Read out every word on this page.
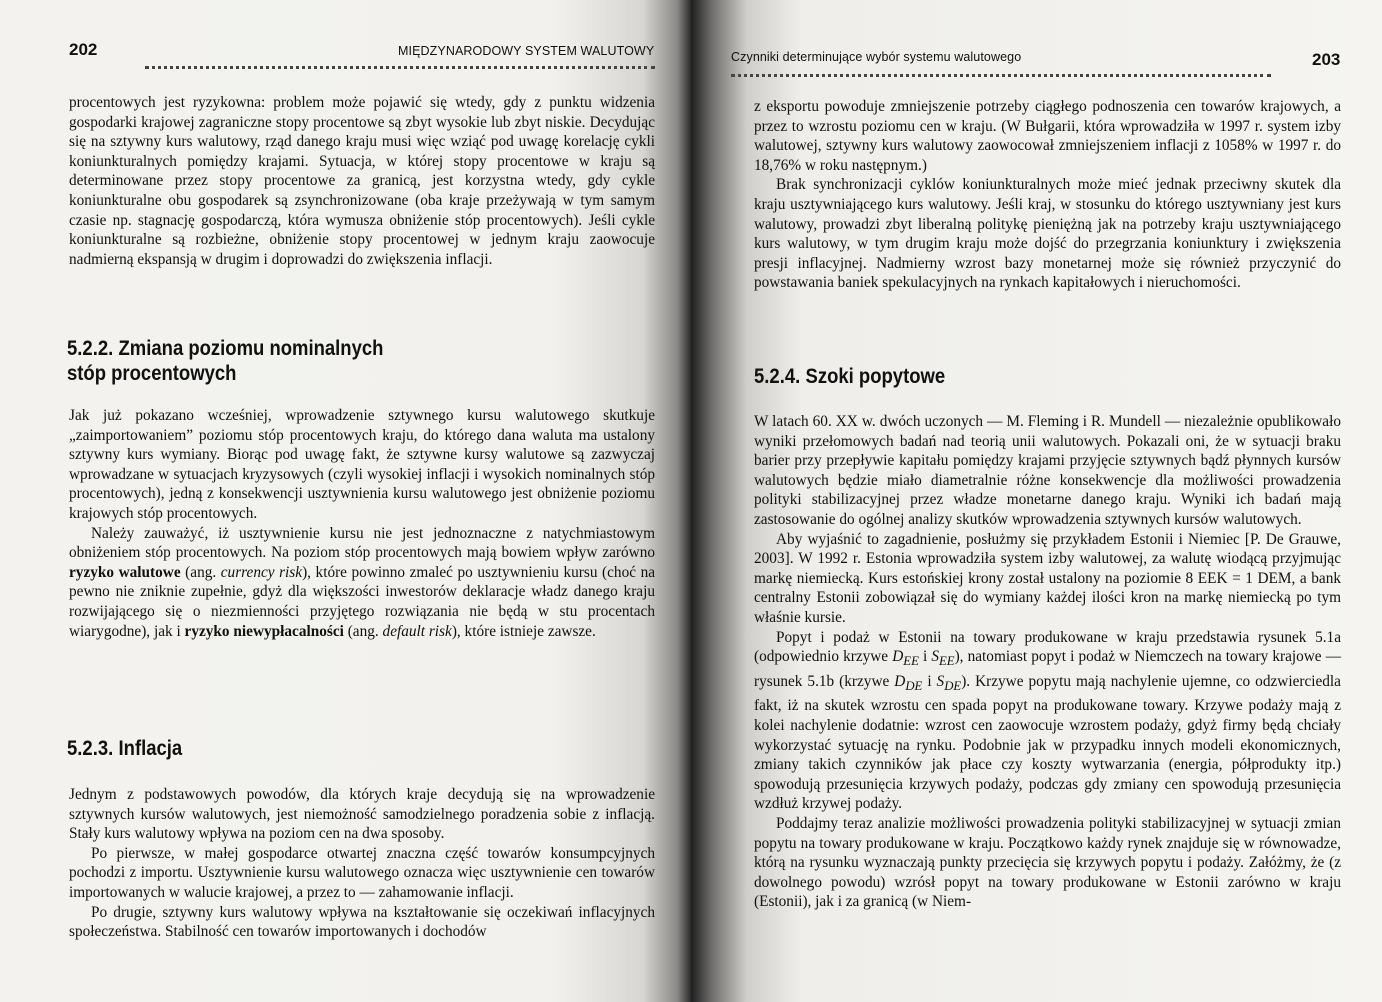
202	MIĘDZYNARODOWY SYSTEM WALUTOWY

procentowych jest ryzykowna: problem może pojawić się wtedy, gdy z punktu widzenia gospodarki krajowej zagraniczne stopy procentowe są zbyt wysokie lub zbyt niskie. Decydując się na sztywny kurs walutowy, rząd danego kraju musi więc wziąć pod uwagę korelację cykli koniunkturalnych pomiędzy krajami. Sytuacja, w której stopy procentowe w kraju są determinowane przez stopy procentowe za granicą, jest korzystna wtedy, gdy cykle koniunkturalne obu gospodarek są zsynchronizowane (oba kraje przeżywają w tym samym czasie np. stagnację gospodarczą, która wymusza obniżenie stóp procentowych). Jeśli cykle koniunkturalne są rozbieżne, obniżenie stopy procentowej w jednym kraju zaowocuje nadmierną ekspansją w drugim i doprowadzi do zwiększenia inflacji.

5.2.2. Zmiana poziomu nominalnych
stóp procentowych

Jak już pokazano wcześniej, wprowadzenie sztywnego kursu walutowego skutkuje „zaimportowaniem” poziomu stóp procentowych kraju, do którego dana waluta ma ustalony sztywny kurs wymiany. Biorąc pod uwagę fakt, że sztywne kursy walutowe są zazwyczaj wprowadzane w sytuacjach kryzysowych (czyli wysokiej inflacji i wysokich nominalnych stóp procentowych), jedną z konsekwencji usztywnienia kursu walutowego jest obniżenie poziomu krajowych stóp procentowych.

Należy zauważyć, iż usztywnienie kursu nie jest jednoznaczne z natychmiastowym obniżeniem stóp procentowych. Na poziom stóp procentowych mają bowiem wpływ zarówno ryzyko walutowe (ang. currency risk), które powinno zmaleć po usztywnieniu kursu (choć na pewno nie zniknie zupełnie, gdyż dla większości inwestorów deklaracje władz danego kraju rozwijającego się o niezmienności przyjętego rozwiązania nie będą w stu procentach wiarygodne), jak i ryzyko niewypłacalności (ang. default risk), które istnieje zawsze.

5.2.3. Inflacja

Jednym z podstawowych powodów, dla których kraje decydują się na wprowadzenie sztywnych kursów walutowych, jest niemożność samodzielnego poradzenia sobie z inflacją. Stały kurs walutowy wpływa na poziom cen na dwa sposoby.

Po pierwsze, w małej gospodarce otwartej znaczna część towarów konsumpcyjnych pochodzi z importu. Usztywnienie kursu walutowego oznacza więc usztywnienie cen towarów importowanych w walucie krajowej, a przez to — zahamowanie inflacji.

Po drugie, sztywny kurs walutowy wpływa na kształtowanie się oczekiwań inflacyjnych społeczeństwa. Stabilność cen towarów importowanych i dochodów

Czynniki determinujące wybór systemu walutowego	203

z eksportu powoduje zmniejszenie potrzeby ciągłego podnoszenia cen towarów krajowych, a przez to wzrostu poziomu cen w kraju. (W Bułgarii, która wprowadziła w 1997 r. system izby walutowej, sztywny kurs walutowy zaowocował zmniejszeniem inflacji z 1058% w 1997 r. do 18,76% w roku następnym.)

Brak synchronizacji cyklów koniunkturalnych może mieć jednak przeciwny skutek dla kraju usztywniającego kurs walutowy. Jeśli kraj, w stosunku do którego usztywniany jest kurs walutowy, prowadzi zbyt liberalną politykę pieniężną jak na potrzeby kraju usztywniającego kurs walutowy, w tym drugim kraju może dojść do przegrzania koniunktury i zwiększenia presji inflacyjnej. Nadmierny wzrost bazy monetarnej może się również przyczynić do powstawania baniek spekulacyjnych na rynkach kapitałowych i nieruchomości.

5.2.4. Szoki popytowe

W latach 60. XX w. dwóch uczonych — M. Fleming i R. Mundell — niezależnie opublikowało wyniki przełomowych badań nad teorią unii walutowych. Pokazali oni, że w sytuacji braku barier przy przepływie kapitału pomiędzy krajami przyjęcie sztywnych bądź płynnych kursów walutowych będzie miało diametralnie różne konsekwencje dla możliwości prowadzenia polityki stabilizacyjnej przez władze monetarne danego kraju. Wyniki ich badań mają zastosowanie do ogólnej analizy skutków wprowadzenia sztywnych kursów walutowych.

Aby wyjaśnić to zagadnienie, posłużmy się przykładem Estonii i Niemiec [P. De Grauwe, 2003]. W 1992 r. Estonia wprowadziła system izby walutowej, za walutę wiodącą przyjmując markę niemiecką. Kurs estońskiej krony został ustalony na poziomie 8 EEK = 1 DEM, a bank centralny Estonii zobowiązał się do wymiany każdej ilości kron na markę niemiecką po tym właśnie kursie.

Popyt i podaż w Estonii na towary produkowane w kraju przedstawia rysunek 5.1a (odpowiednio krzywe $D_{EE}$ i $S_{EE}$), natomiast popyt i podaż w Niemczech na towary krajowe — rysunek 5.1b (krzywe $D_{DE}$ i $S_{DE}$). Krzywe popytu mają nachylenie ujemne, co odzwierciedla fakt, iż na skutek wzrostu cen spada popyt na produkowane towary. Krzywe podaży mają z kolei nachylenie dodatnie: wzrost cen zaowocuje wzrostem podaży, gdyż firmy będą chciały wykorzystać sytuację na rynku. Podobnie jak w przypadku innych modeli ekonomicznych, zmiany takich czynników jak płace czy koszty wytwarzania (energia, półprodukty itp.) spowodują przesunięcia krzywych podaży, podczas gdy zmiany cen spowodują przesunięcia wzdłuż krzywej podaży.

Poddajmy teraz analizie możliwości prowadzenia polityki stabilizacyjnej w sytuacji zmian popytu na towary produkowane w kraju. Początkowo każdy rynek znajduje się w równowadze, którą na rysunku wyznaczają punkty przecięcia się krzywych popytu i podaży. Załóżmy, że (z dowolnego powodu) wzrósł popyt na towary produkowane w Estonii zarówno w kraju (Estonii), jak i za granicą (w Niem-
